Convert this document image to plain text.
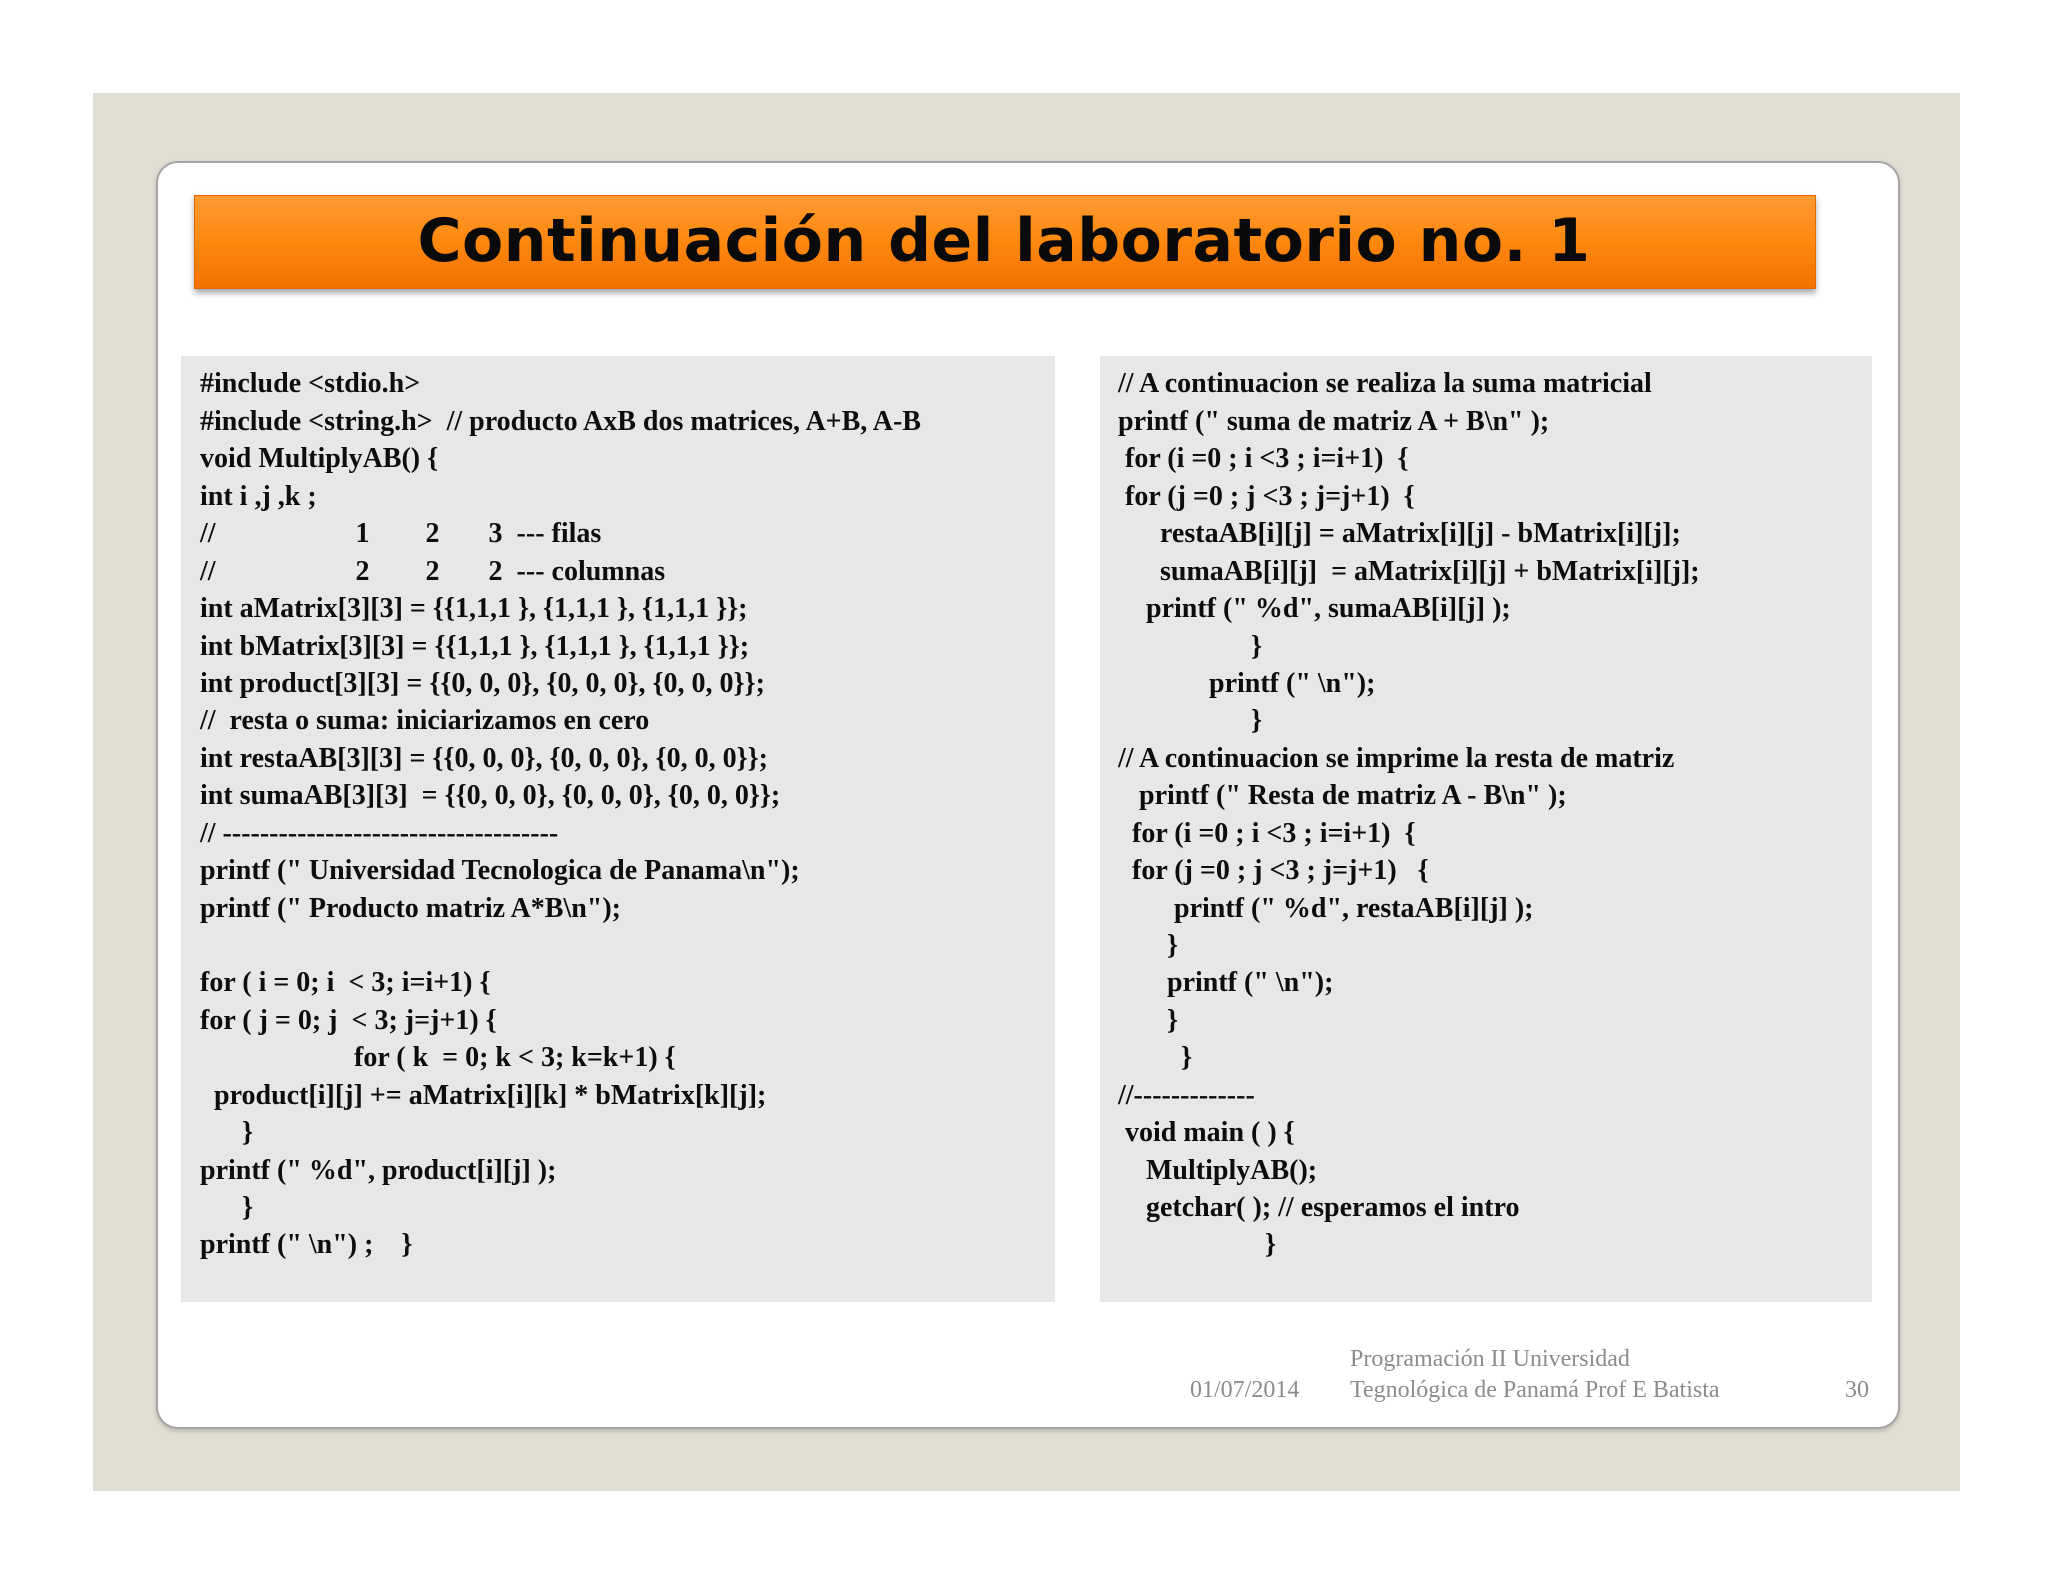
Continuación del laboratorio no. 1
#include <stdio.h>
#include <string.h>  // producto AxB dos matrices, A+B, A-B
void MultiplyAB() {
int i ,j ,k ;
//                    1        2       3  --- filas
//                    2        2       2  --- columnas
int aMatrix[3][3] = {{1,1,1 }, {1,1,1 }, {1,1,1 }};
int bMatrix[3][3] = {{1,1,1 }, {1,1,1 }, {1,1,1 }};
int product[3][3] = {{0, 0, 0}, {0, 0, 0}, {0, 0, 0}};
//  resta o suma: iniciarizamos en cero
int restaAB[3][3] = {{0, 0, 0}, {0, 0, 0}, {0, 0, 0}};
int sumaAB[3][3]  = {{0, 0, 0}, {0, 0, 0}, {0, 0, 0}};
// ------------------------------------
printf (" Universidad Tecnologica de Panama\n");
printf (" Producto matriz A*B\n");
for ( i = 0; i  < 3; i=i+1) {
for ( j = 0; j  < 3; j=j+1) {
for ( k  = 0; k < 3; k=k+1) {
product[i][j] += aMatrix[i][k] * bMatrix[k][j];
}
printf (" %d", product[i][j] );
}
printf (" \n") ;    }
// A continuacion se realiza la suma matricial
printf (" suma de matriz A + B\n" );
for (i =0 ; i <3 ; i=i+1)  {
for (j =0 ; j <3 ; j=j+1)  {
restaAB[i][j] = aMatrix[i][j] - bMatrix[i][j];
sumaAB[i][j]  = aMatrix[i][j] + bMatrix[i][j];
printf (" %d", sumaAB[i][j] );
}
printf (" \n");
}
// A continuacion se imprime la resta de matriz
printf (" Resta de matriz A - B\n" );
for (i =0 ; i <3 ; i=i+1)  {
for (j =0 ; j <3 ; j=j+1)   {
printf (" %d", restaAB[i][j] );
}
printf (" \n");
}
}
//-------------
void main ( ) {
MultiplyAB();
getchar( ); // esperamos el intro
}
01/07/2014
Programación II Universidad
Tegnológica de Panamá Prof E Batista	30
